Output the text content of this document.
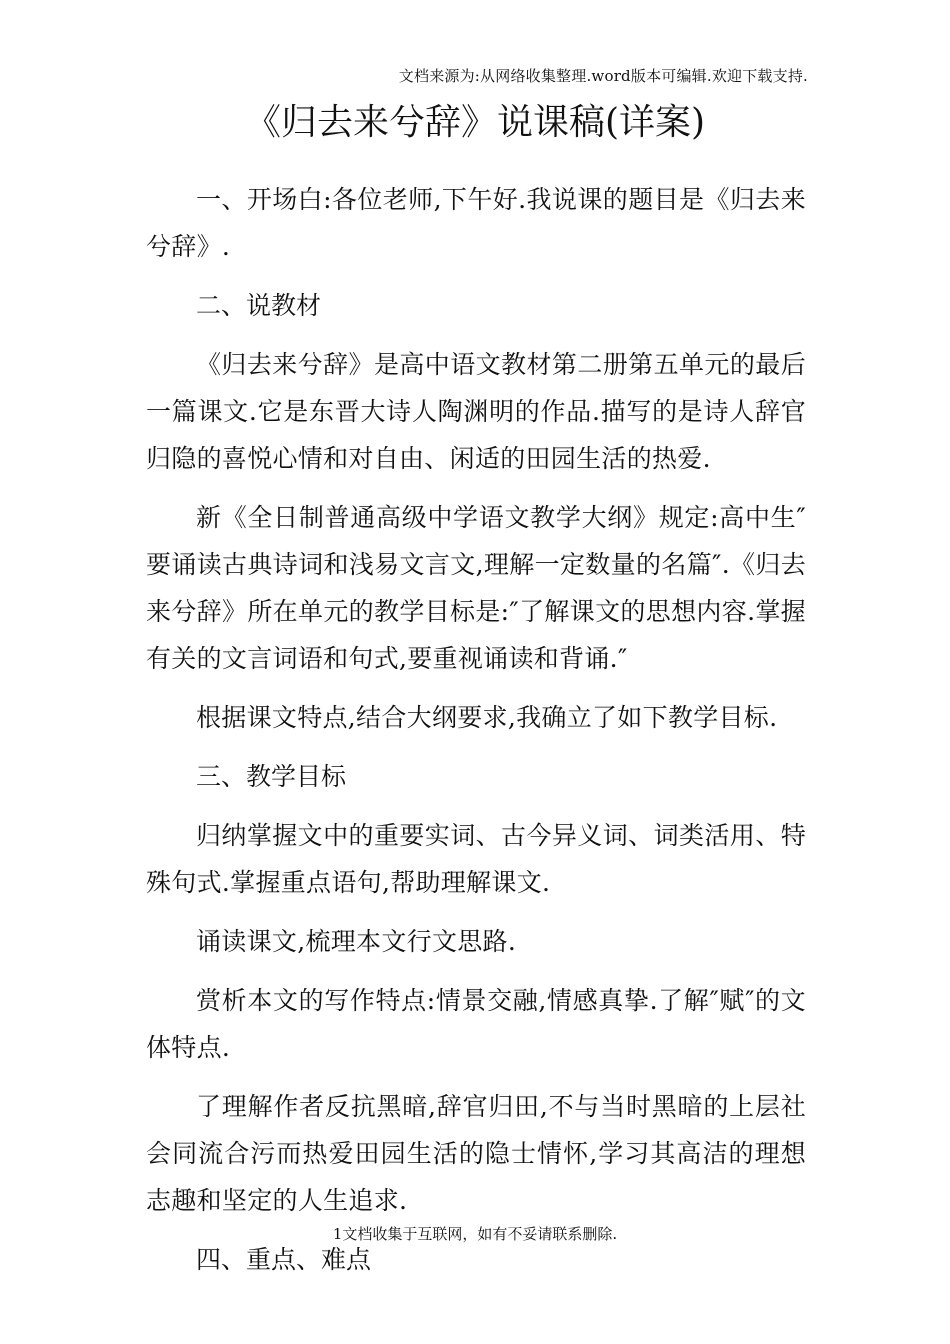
文档来源为:从网络收集整理.word版本可编辑.欢迎下载支持.
《归去来兮辞》说课稿(详案)

一、开场白:各位老师,下午好.我说课的题目是《归去来兮辞》.

二、说教材

《归去来兮辞》是高中语文教材第二册第五单元的最后一篇课文.它是东晋大诗人陶渊明的作品.描写的是诗人辞官归隐的喜悦心情和对自由、闲适的田园生活的热爱.

新《全日制普通高级中学语文教学大纲》规定:高中生″要诵读古典诗词和浅易文言文,理解一定数量的名篇″.《归去来兮辞》所在单元的教学目标是:″了解课文的思想内容.掌握有关的文言词语和句式,要重视诵读和背诵.″

根据课文特点,结合大纲要求,我确立了如下教学目标.

三、教学目标

归纳掌握文中的重要实词、古今异义词、词类活用、特殊句式.掌握重点语句,帮助理解课文.

诵读课文,梳理本文行文思路.

赏析本文的写作特点:情景交融,情感真挚.了解″赋″的文体特点.

了理解作者反抗黑暗,辞官归田,不与当时黑暗的上层社会同流合污而热爱田园生活的隐士情怀,学习其高洁的理想志趣和坚定的人生追求.

四、重点、难点

1文档收集于互联网，如有不妥请联系删除.
